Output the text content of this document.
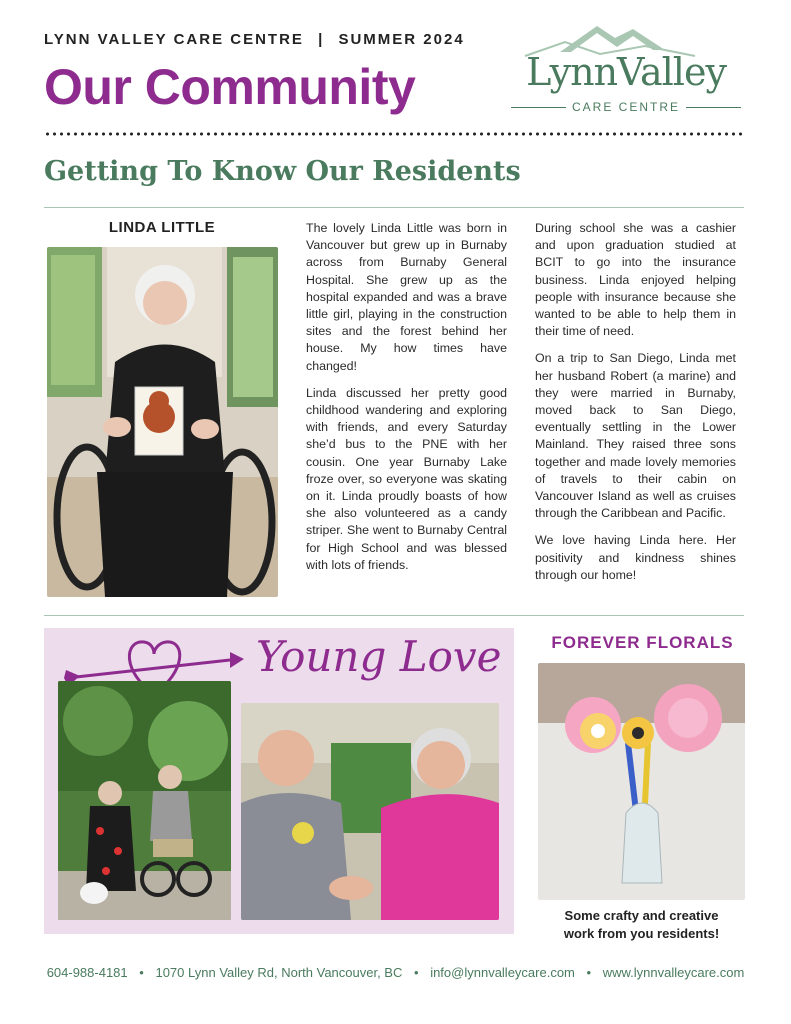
LYNN VALLEY CARE CENTRE | SUMMER 2024
Our Community	LynnValley
CARE CENTRE
Getting To Know Our Residents
LINDA LITTLE	The lovely Linda Little was born in Vancouver but grew up in Burnaby across from Burnaby General Hospital. She grew up as the hospital expanded and was a brave little girl, playing in the construction sites and the forest behind her house. My how times have changed!

Linda discussed her pretty good childhood wandering and exploring with friends, and every Saturday she’d bus to the PNE with her cousin. One year Burnaby Lake froze over, so everyone was skating on it. Linda proudly boasts of how she also volunteered as a candy striper. She went to Burnaby Central for High School and was blessed with lots of friends.

During school she was a cashier and upon graduation studied at BCIT to go into the insurance business. Linda enjoyed helping people with insurance because she wanted to be able to help them in their time of need.

On a trip to San Diego, Linda met her husband Robert (a marine) and they were married in Burnaby, moved back to San Diego, eventually settling in the Lower Mainland. They raised three sons together and made lovely memories of travels to their cabin on Vancouver Island as well as cruises through the Caribbean and Pacific.

We love having Linda here. Her positivity and kindness shines through our home!

Young Love	FOREVER FLORALS
Some crafty and creative
work from you residents!
604-988-4181 • 1070 Lynn Valley Rd, North Vancouver, BC • info@lynnvalleycare.com • www.lynnvalleycare.com
